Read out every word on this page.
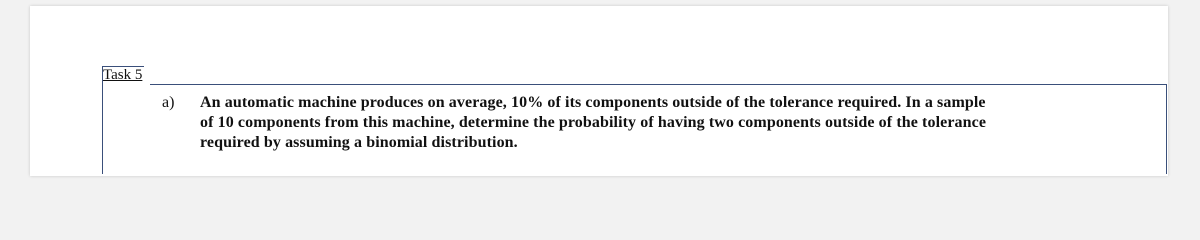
Task 5
a) An automatic machine produces on average, 10% of its components outside of the tolerance required. In a sample
of 10 components from this machine, determine the probability of having two components outside of the tolerance
required by assuming a binomial distribution.
